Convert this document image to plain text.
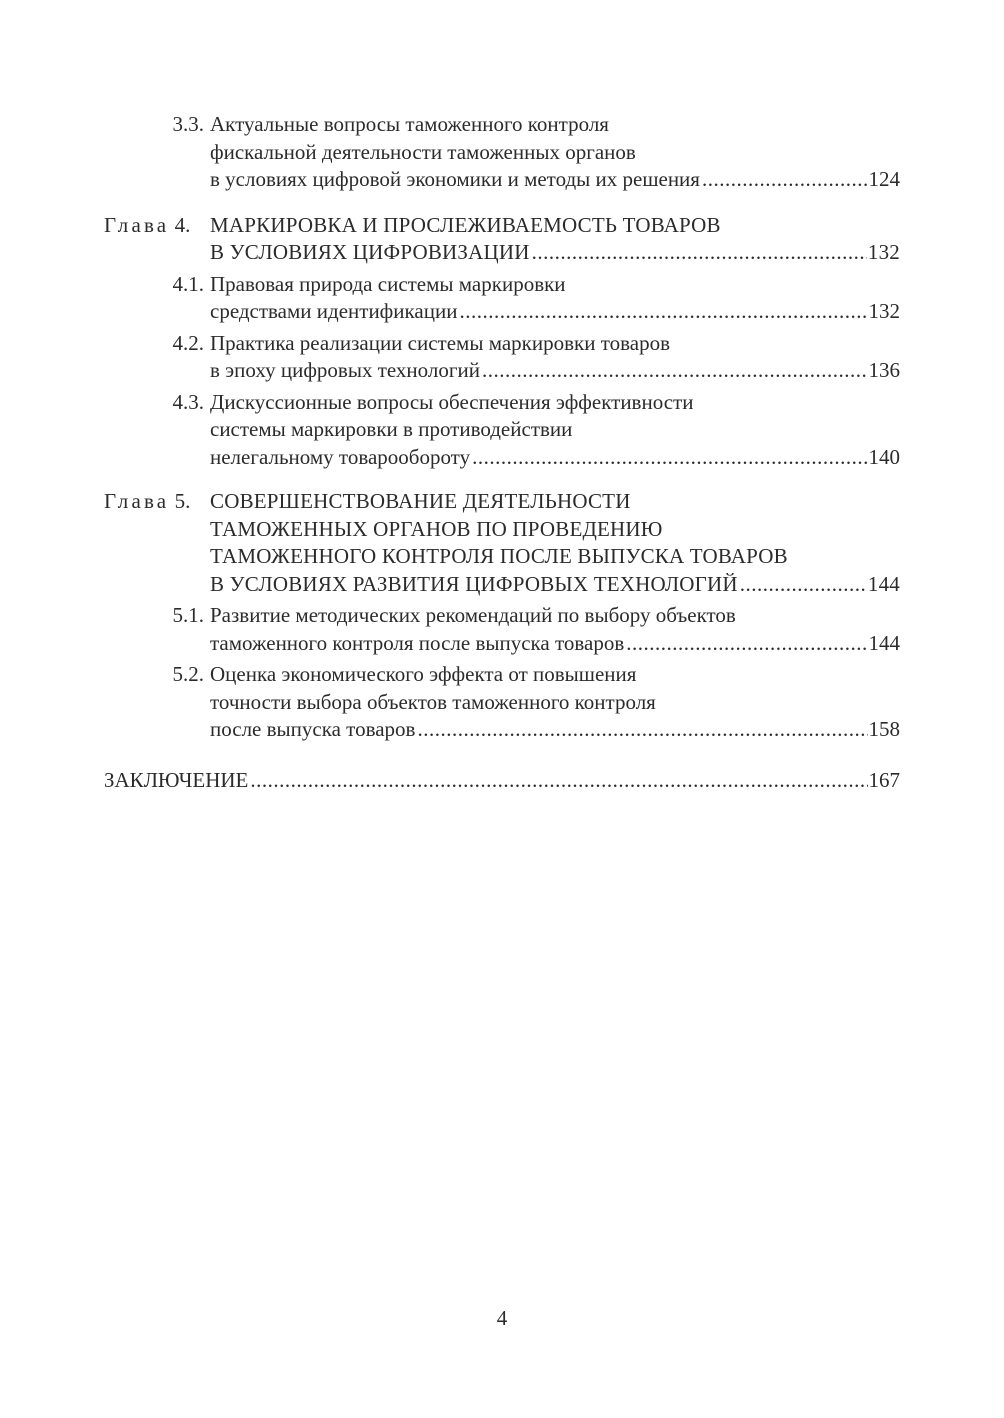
3.3. Актуальные вопросы таможенного контроля
фискальной деятельности таможенных органов
в условиях цифровой экономики и методы их решения .....	124
Глава 4. МАРКИРОВКА И ПРОСЛЕЖИВАЕМОСТЬ ТОВАРОВ
В УСЛОВИЯХ ЦИФРОВИЗАЦИИ .....	132
4.1. Правовая природа системы маркировки
средствами идентификации .....	132
4.2. Практика реализации системы маркировки товаров
в эпоху цифровых технологий .....	136
4.3. Дискуссионные вопросы обеспечения эффективности
системы маркировки в противодействии
нелегальному товарообороту .....	140
Глава 5. СОВЕРШЕНСТВОВАНИЕ ДЕЯТЕЛЬНОСТИ
ТАМОЖЕННЫХ ОРГАНОВ ПО ПРОВЕДЕНИЮ
ТАМОЖЕННОГО КОНТРОЛЯ ПОСЛЕ ВЫПУСКА ТОВАРОВ
В УСЛОВИЯХ РАЗВИТИЯ ЦИФРОВЫХ ТЕХНОЛОГИЙ .....	144
5.1. Развитие методических рекомендаций по выбору объектов
таможенного контроля после выпуска товаров .....	144
5.2. Оценка экономического эффекта от повышения
точности выбора объектов таможенного контроля
после выпуска товаров .....	158
ЗАКЛЮЧЕНИЕ .....	167
4
